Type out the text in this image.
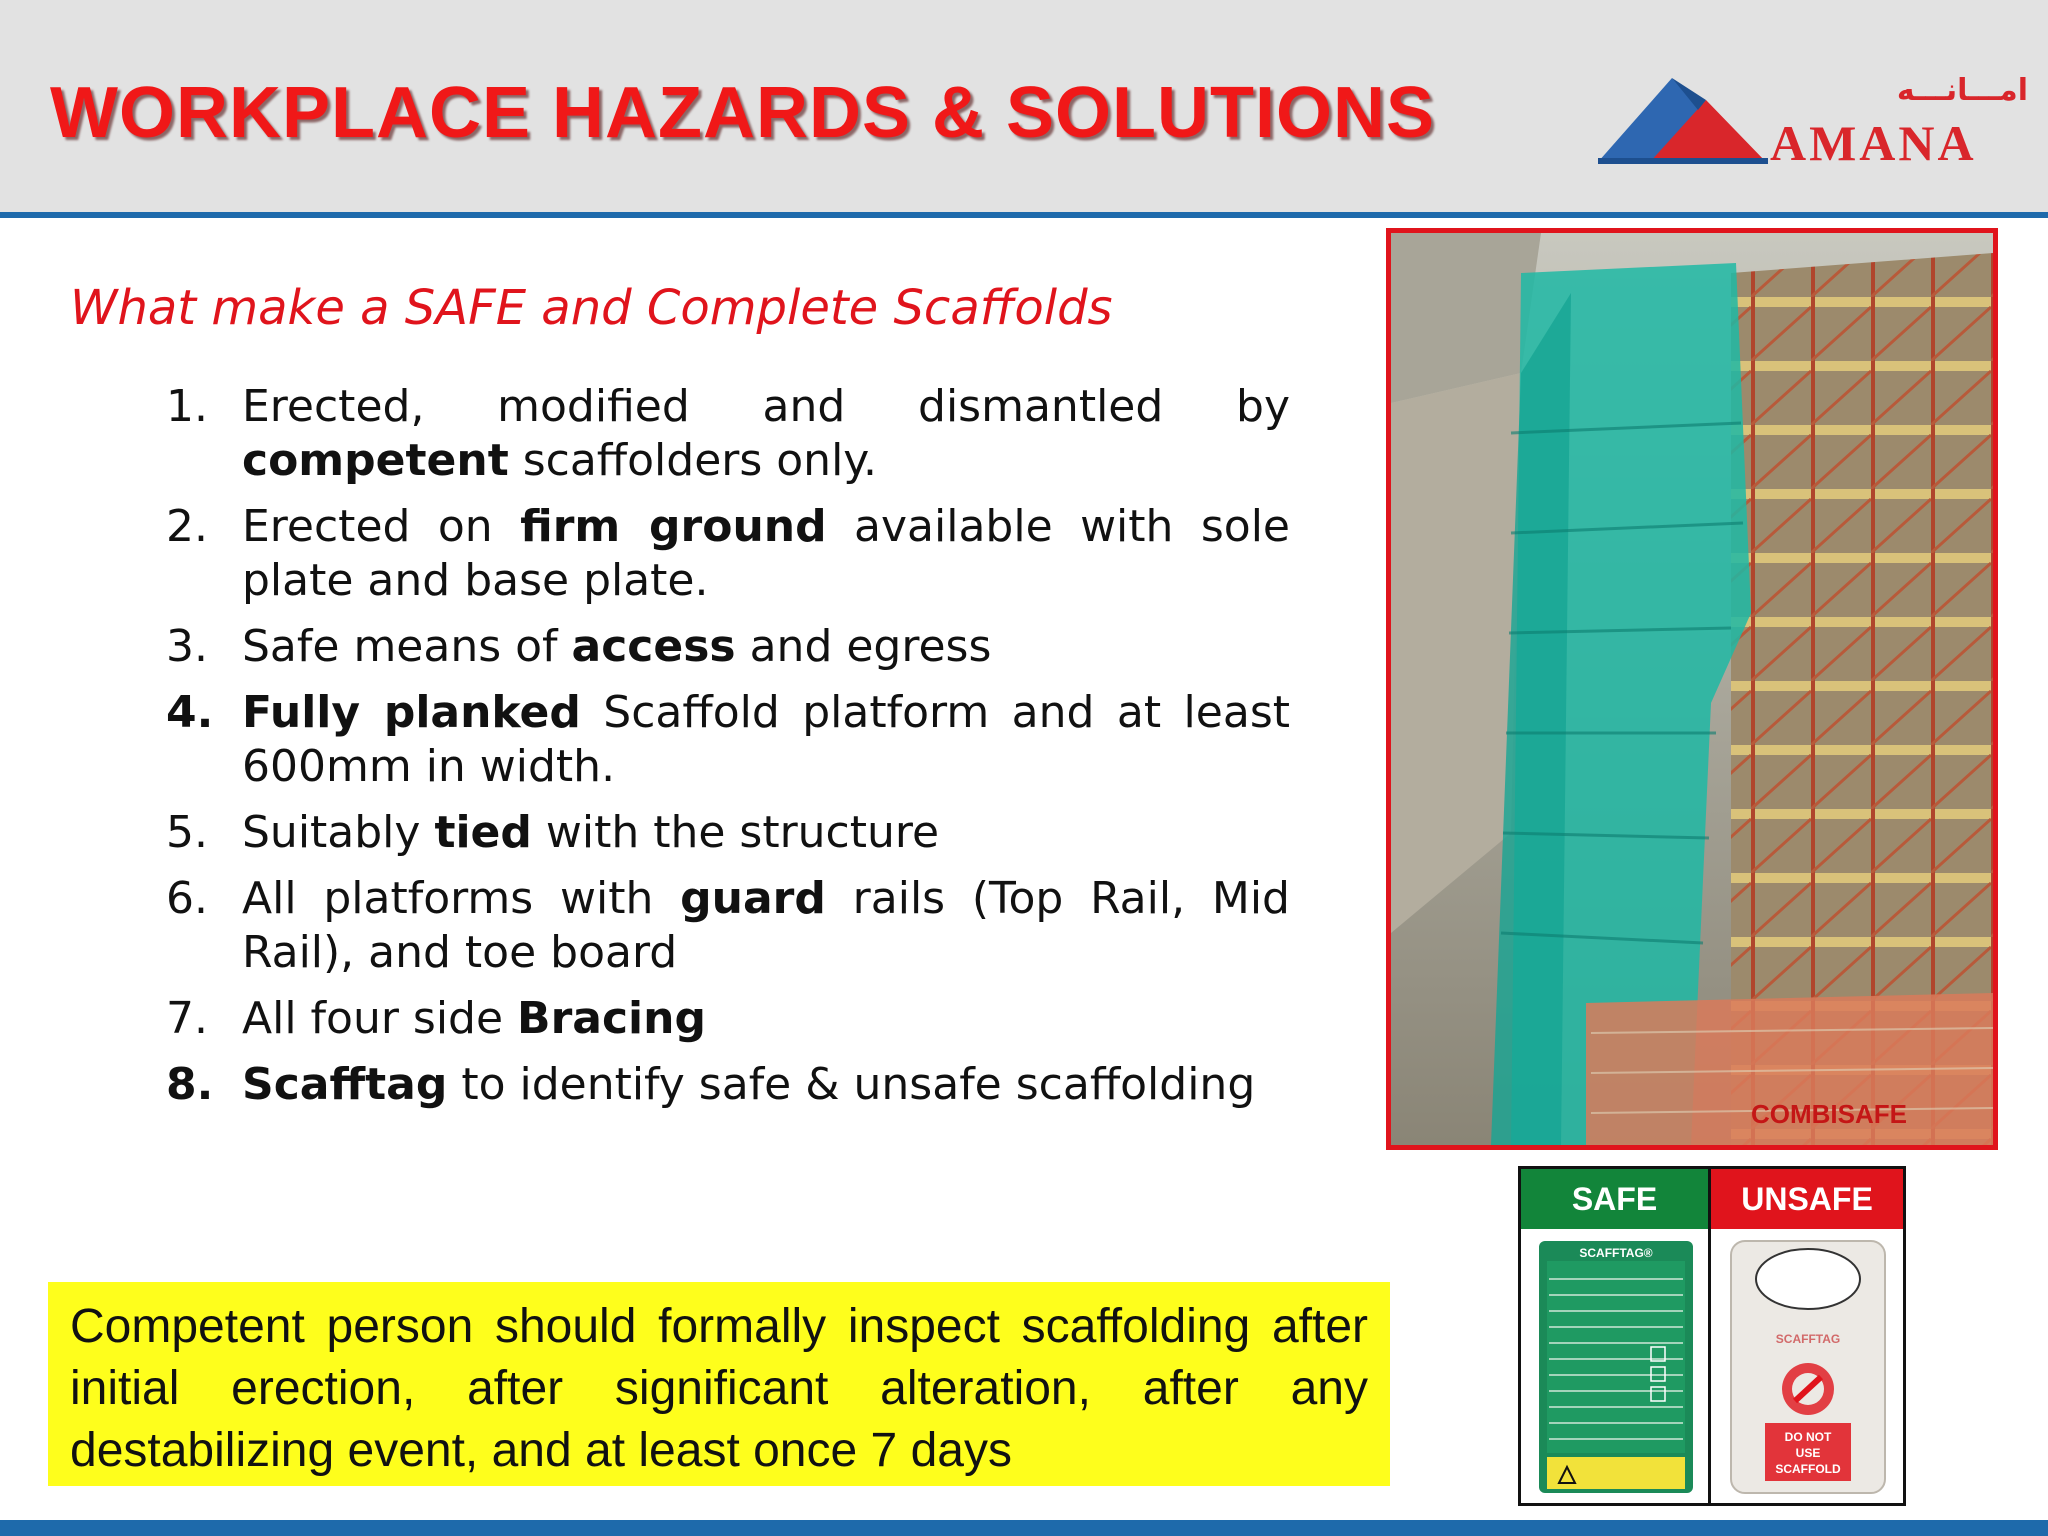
WORKPLACE HAZARDS & SOLUTIONS	امـــانـــه
AMANA
What make a SAFE and Complete Scaffolds
1. Erected, modified and dismantled by competent scaffolders only.
2. Erected on firm ground available with sole plate and base plate.
3. Safe means of access and egress
4. Fully planked Scaffold platform and at least 600mm in width.
5. Suitably tied with the structure
6. All platforms with guard rails (Top Rail, Mid Rail), and toe board
7. All four side Bracing
8. Scafftag to identify safe & unsafe scaffolding
Competent person should formally inspect scaffolding after initial erection, after significant alteration, after any destabilizing event, and at least once 7 days
COMBISAFE
SAFE	UNSAFE
SCAFFTAG®
SCAFFTAG
DO NOT
USE
SCAFFOLD
